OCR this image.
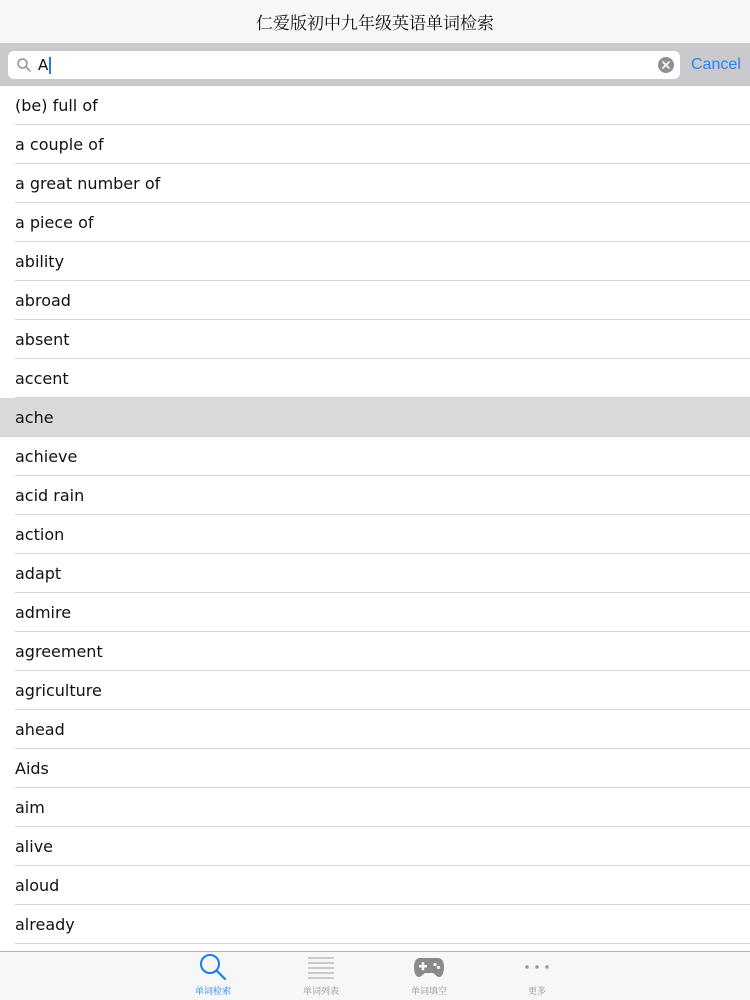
仁爱版初中九年级英语单词检索
A	Cancel
(be) full of
a couple of
a great number of
a piece of
ability
abroad
absent
accent
ache
achieve
acid rain
action
adapt
admire
agreement
agriculture
ahead
Aids
aim
alive
aloud
already
单词检索	单词列表	单词填空	更多
